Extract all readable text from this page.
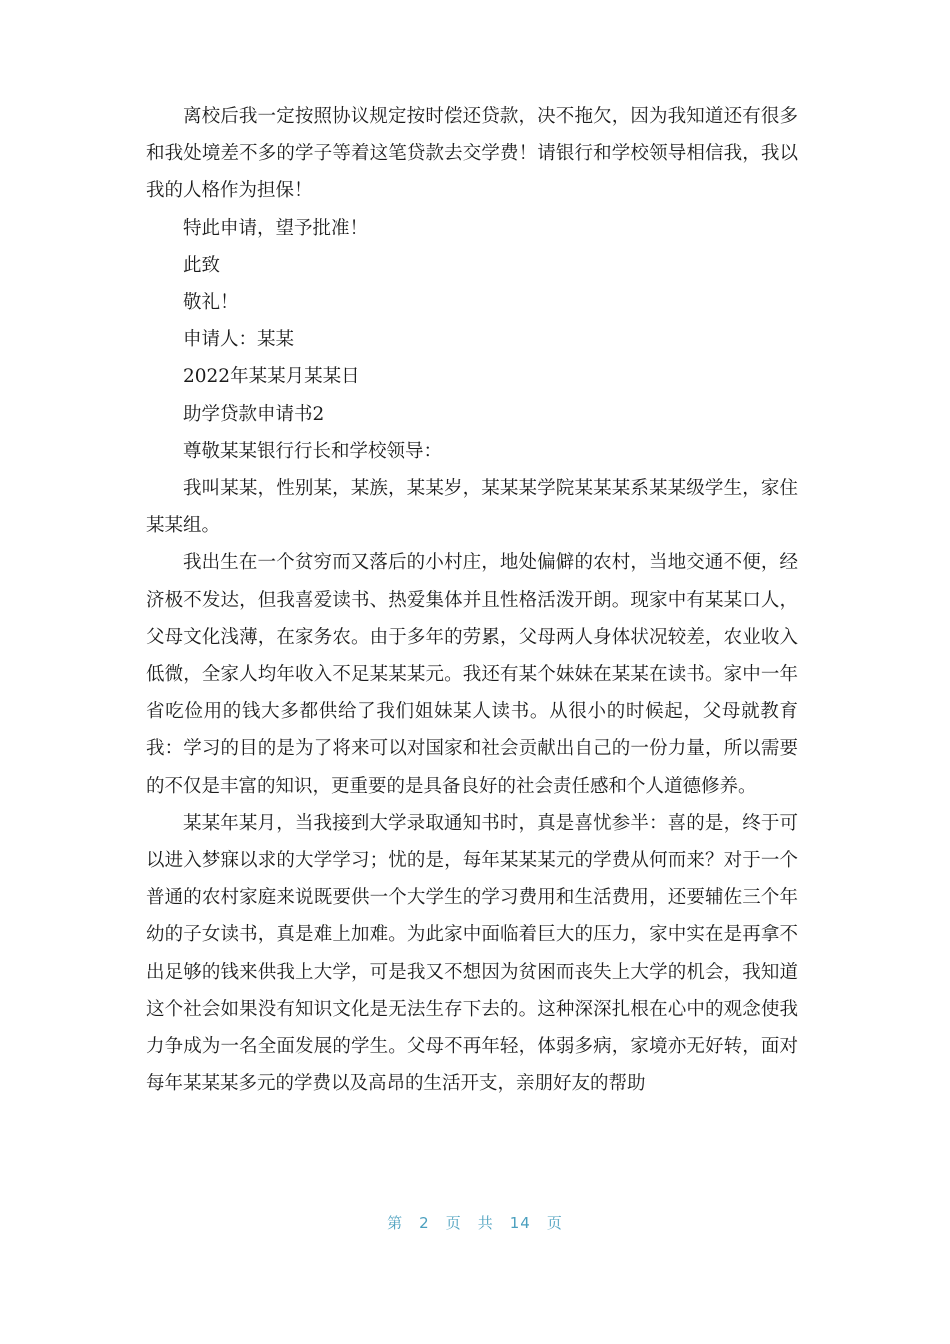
离校后我一定按照协议规定按时偿还贷款，决不拖欠，因为我知道还有很多和我处境差不多的学子等着这笔贷款去交学费！请银行和学校领导相信我，我以我的人格作为担保！

特此申请，望予批准！

此致

敬礼！

申请人：某某

2022年某某月某某日

助学贷款申请书2

尊敬某某银行行长和学校领导：

我叫某某，性别某，某族，某某岁，某某某学院某某某系某某级学生，家住某某组。

我出生在一个贫穷而又落后的小村庄，地处偏僻的农村，当地交通不便，经济极不发达，但我喜爱读书、热爱集体并且性格活泼开朗。现家中有某某口人，父母文化浅薄，在家务农。由于多年的劳累，父母两人身体状况较差，农业收入低微，全家人均年收入不足某某某元。我还有某个妹妹在某某在读书。家中一年省吃俭用的钱大多都供给了我们姐妹某人读书。从很小的时候起，父母就教育我：学习的目的是为了将来可以对国家和社会贡献出自己的一份力量，所以需要的不仅是丰富的知识，更重要的是具备良好的社会责任感和个人道德修养。

某某年某月，当我接到大学录取通知书时，真是喜忧参半：喜的是，终于可以进入梦寐以求的大学学习；忧的是，每年某某某元的学费从何而来？对于一个普通的农村家庭来说既要供一个大学生的学习费用和生活费用，还要辅佐三个年幼的子女读书，真是难上加难。为此家中面临着巨大的压力，家中实在是再拿不出足够的钱来供我上大学，可是我又不想因为贫困而丧失上大学的机会，我知道这个社会如果没有知识文化是无法生存下去的。这种深深扎根在心中的观念使我力争成为一名全面发展的学生。父母不再年轻，体弱多病，家境亦无好转，面对每年某某某多元的学费以及高昂的生活开支，亲朋好友的帮助

第 2 页 共 14 页
